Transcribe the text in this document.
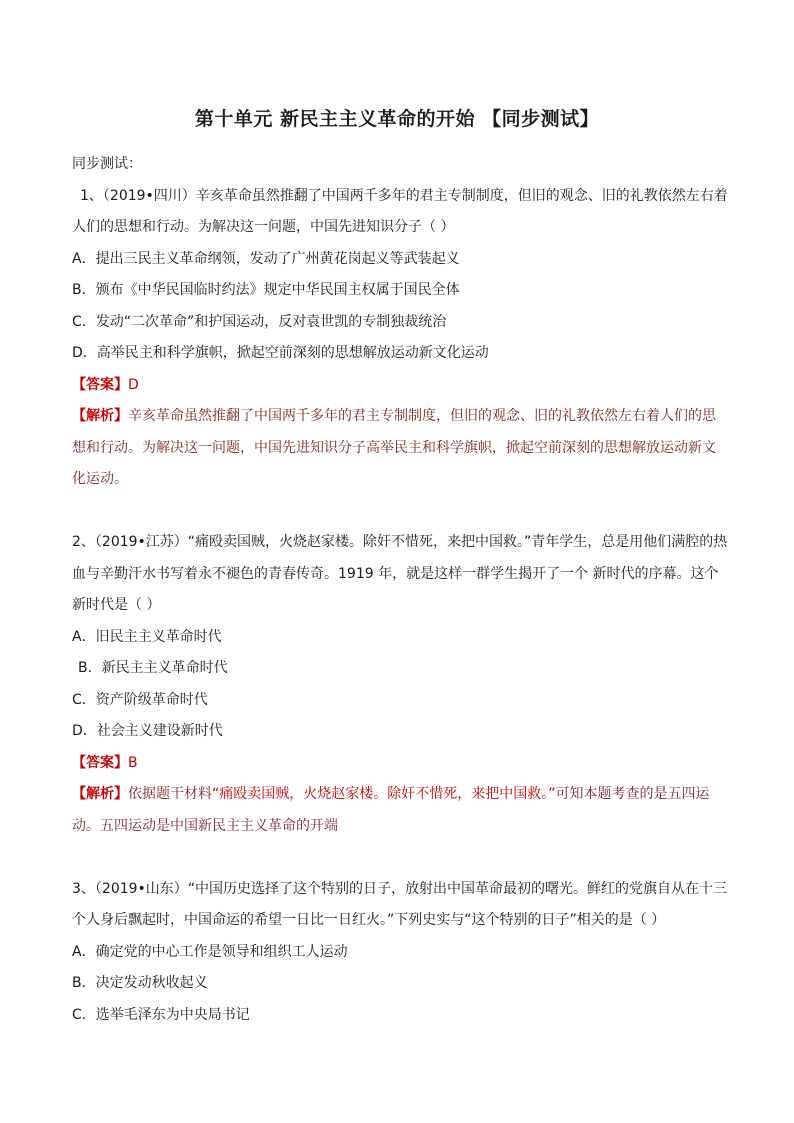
第十单元 新民主主义革命的开始 【同步测试】
同步测试：
1、（2019•四川）辛亥革命虽然推翻了中国两千多年的君主专制制度，但旧的观念、旧的礼教依然左右着
人们的思想和行动。为解决这一问题，中国先进知识分子（ ）
A．提出三民主义革命纲领，发动了广州黄花岗起义等武装起义
B．颁布《中华民国临时约法》规定中华民国主权属于国民全体
C．发动“二次革命”和护国运动，反对袁世凯的专制独裁统治
D．高举民主和科学旗帜，掀起空前深刻的思想解放运动新文化运动
【答案】D
【解析】辛亥革命虽然推翻了中国两千多年的君主专制制度，但旧的观念、旧的礼教依然左右着人们的思
想和行动。为解决这一问题，中国先进知识分子高举民主和科学旗帜，掀起空前深刻的思想解放运动新文
化运动。
2、（2019•江苏）“痛殴卖国贼，火烧赵家楼。除奸不惜死，来把中国救。”青年学生，总是用他们满腔的热
血与辛勤汗水书写着永不褪色的青春传奇。1919 年，就是这样一群学生揭开了一个 新时代的序幕。这个
新时代是（ ）
A．旧民主主义革命时代
B．新民主主义革命时代
C．资产阶级革命时代
D．社会主义建设新时代
【答案】B
【解析】依据题干材料“痛殴卖国贼，火烧赵家楼。除奸不惜死，来把中国救。”可知本题考查的是五四运
动。五四运动是中国新民主主义革命的开端
3、（2019•山东）“中国历史选择了这个特别的日子，放射出中国革命最初的曙光。鲜红的党旗自从在十三
个人身后飘起时，中国命运的希望一日比一日红火。”下列史实与“这个特别的日子”相关的是（ ）
A．确定党的中心工作是领导和组织工人运动
B．决定发动秋收起义
C．选举毛泽东为中央局书记
